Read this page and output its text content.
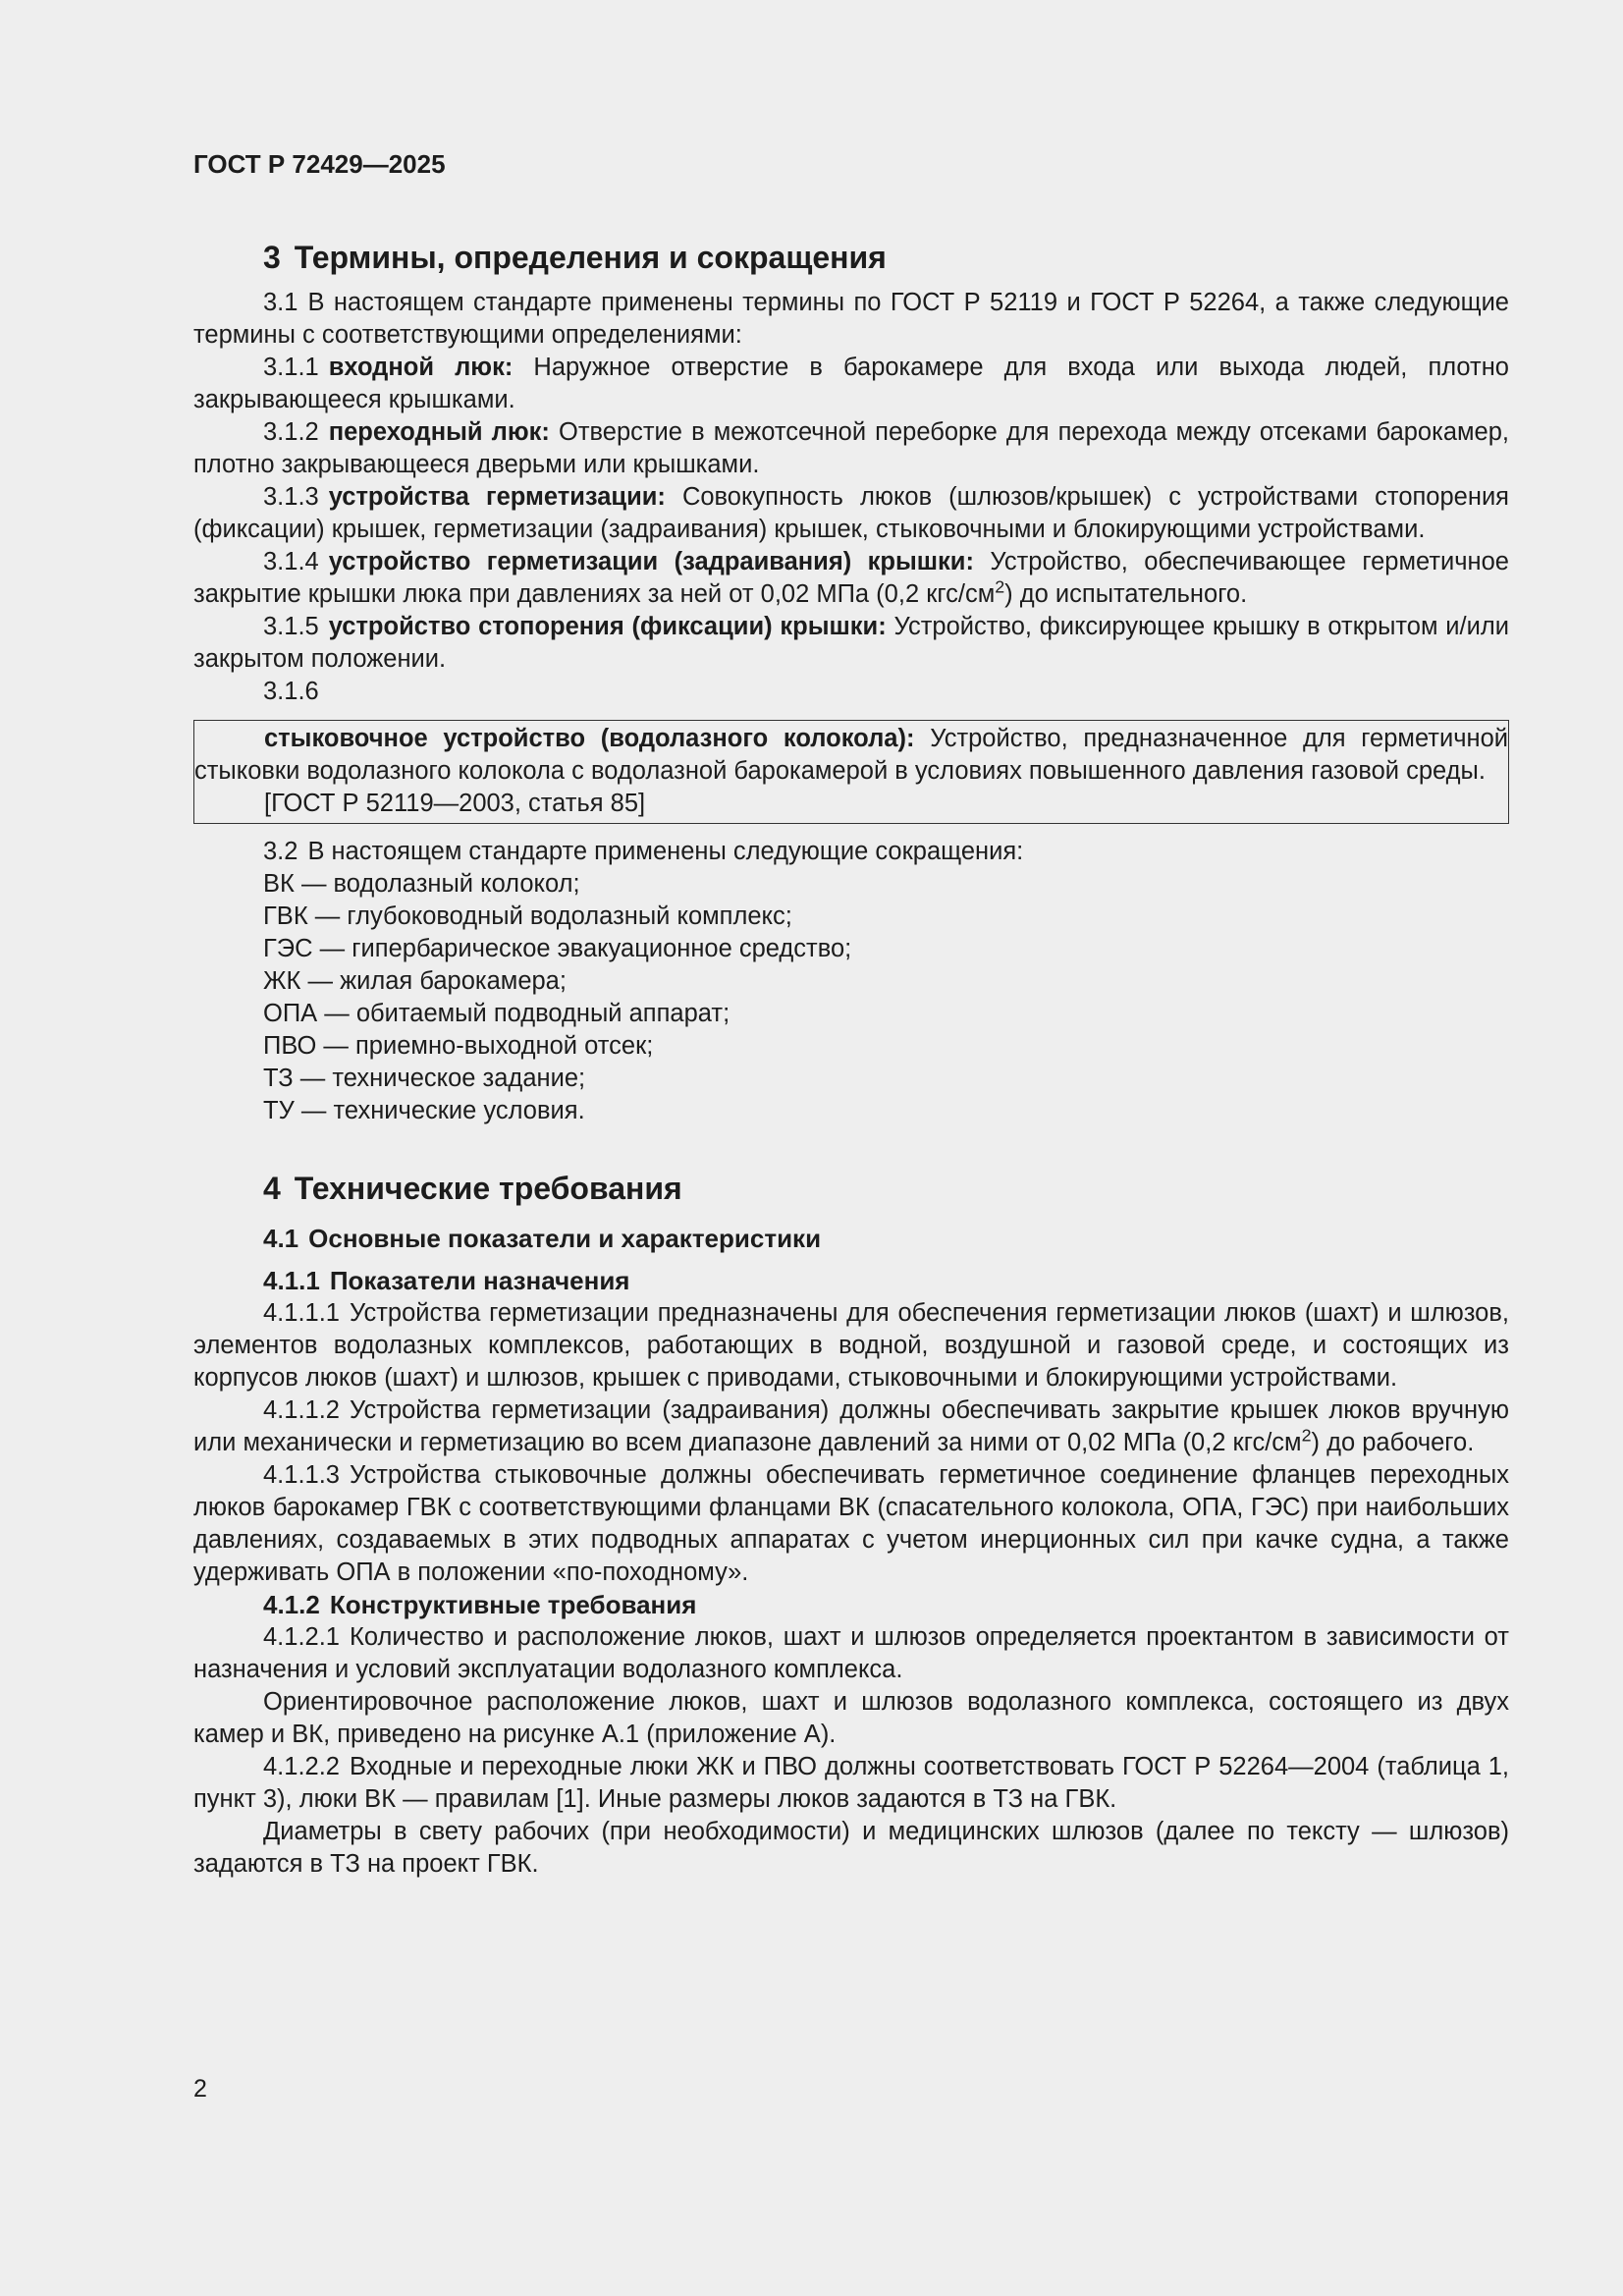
ГОСТ Р 72429—2025
3 Термины, определения и сокращения

3.1 В настоящем стандарте применены термины по ГОСТ Р 52119 и ГОСТ Р 52264, а также следующие термины с соответствующими определениями:

3.1.1 входной люк: Наружное отверстие в барокамере для входа или выхода людей, плотно закрывающееся крышками.

3.1.2 переходный люк: Отверстие в межотсечной переборке для перехода между отсеками барокамер, плотно закрывающееся дверьми или крышками.

3.1.3 устройства герметизации: Совокупность люков (шлюзов/крышек) с устройствами стопорения (фиксации) крышек, герметизации (задраивания) крышек, стыковочными и блокирующими устройствами.

3.1.4 устройство герметизации (задраивания) крышки: Устройство, обеспечивающее герметичное закрытие крышки люка при давлениях за ней от 0,02 МПа (0,2 кгс/$см^2$) до испытательного.

3.1.5 устройство стопорения (фиксации) крышки: Устройство, фиксирующее крышку в открытом и/или закрытом положении.

3.1.6

стыковочное устройство (водолазного колокола): Устройство, предназначенное для герметичной стыковки водолазного колокола с водолазной барокамерой в условиях повышенного давления газовой среды.

[ГОСТ Р 52119—2003, статья 85]

3.2 В настоящем стандарте применены следующие сокращения:

ВК — водолазный колокол;

ГВК — глубоководный водолазный комплекс;

ГЭС — гипербарическое эвакуационное средство;

ЖК — жилая барокамера;

ОПА — обитаемый подводный аппарат;

ПВО — приемно-выходной отсек;

ТЗ — техническое задание;

ТУ — технические условия.

4 Технические требования
4.1 Основные показатели и характеристики
4.1.1 Показатели назначения

4.1.1.1 Устройства герметизации предназначены для обеспечения герметизации люков (шахт) и шлюзов, элементов водолазных комплексов, работающих в водной, воздушной и газовой среде, и состоящих из корпусов люков (шахт) и шлюзов, крышек с приводами, стыковочными и блокирующими устройствами.

4.1.1.2 Устройства герметизации (задраивания) должны обеспечивать закрытие крышек люков вручную или механически и герметизацию во всем диапазоне давлений за ними от 0,02 МПа (0,2 кгс/$см^2$) до рабочего.

4.1.1.3 Устройства стыковочные должны обеспечивать герметичное соединение фланцев переходных люков барокамер ГВК с соответствующими фланцами ВК (спасательного колокола, ОПА, ГЭС) при наибольших давлениях, создаваемых в этих подводных аппаратах с учетом инерционных сил при качке судна, а также удерживать ОПА в положении «по-походному».

4.1.2 Конструктивные требования

4.1.2.1 Количество и расположение люков, шахт и шлюзов определяется проектантом в зависимости от назначения и условий эксплуатации водолазного комплекса.

Ориентировочное расположение люков, шахт и шлюзов водолазного комплекса, состоящего из двух камер и ВК, приведено на рисунке А.1 (приложение А).

4.1.2.2 Входные и переходные люки ЖК и ПВО должны соответствовать ГОСТ Р 52264—2004 (таблица 1, пункт 3), люки ВК — правилам [1]. Иные размеры люков задаются в ТЗ на ГВК.

Диаметры в свету рабочих (при необходимости) и медицинских шлюзов (далее по тексту — шлюзов) задаются в ТЗ на проект ГВК.

2
